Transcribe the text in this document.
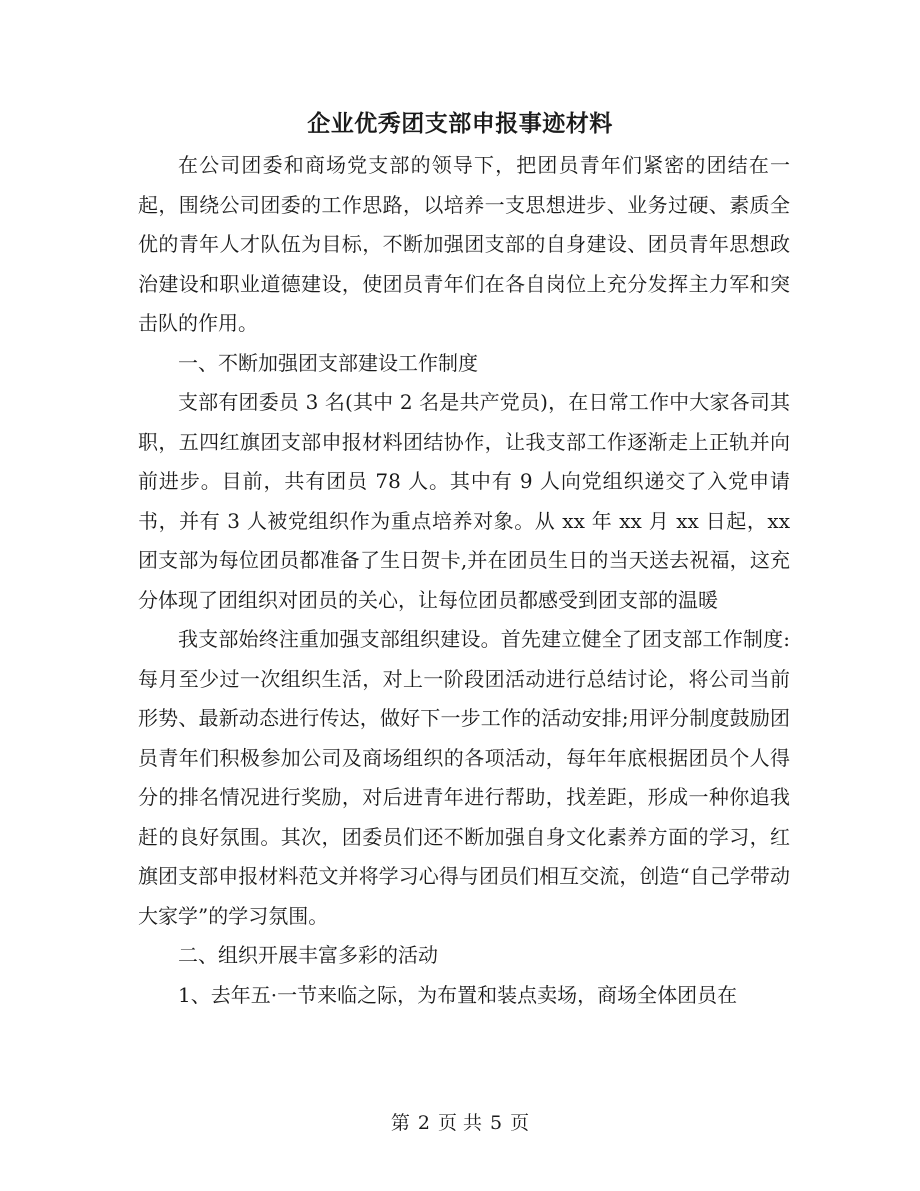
企业优秀团支部申报事迹材料

在公司团委和商场党支部的领导下，把团员青年们紧密的团结在一起，围绕公司团委的工作思路，以培养一支思想进步、业务过硬、素质全优的青年人才队伍为目标，不断加强团支部的自身建设、团员青年思想政治建设和职业道德建设，使团员青年们在各自岗位上充分发挥主力军和突击队的作用。

一、不断加强团支部建设工作制度

支部有团委员 3 名(其中 2 名是共产党员)，在日常工作中大家各司其职，五四红旗团支部申报材料团结协作，让我支部工作逐渐走上正轨并向前进步。目前，共有团员 78 人。其中有 9 人向党组织递交了入党申请书，并有 3 人被党组织作为重点培养对象。从 xx 年 xx 月 xx 日起，xx 团支部为每位团员都准备了生日贺卡,并在团员生日的当天送去祝福，这充分体现了团组织对团员的关心，让每位团员都感受到团支部的温暖

我支部始终注重加强支部组织建设。首先建立健全了团支部工作制度:每月至少过一次组织生活，对上一阶段团活动进行总结讨论，将公司当前形势、最新动态进行传达，做好下一步工作的活动安排;用评分制度鼓励团员青年们积极参加公司及商场组织的各项活动，每年年底根据团员个人得分的排名情况进行奖励，对后进青年进行帮助，找差距，形成一种你追我赶的良好氛围。其次，团委员们还不断加强自身文化素养方面的学习，红旗团支部申报材料范文并将学习心得与团员们相互交流，创造“自己学带动大家学”的学习氛围。

二、组织开展丰富多彩的活动

1、去年五·一节来临之际，为布置和装点卖场，商场全体团员在

第 2 页 共 5 页
